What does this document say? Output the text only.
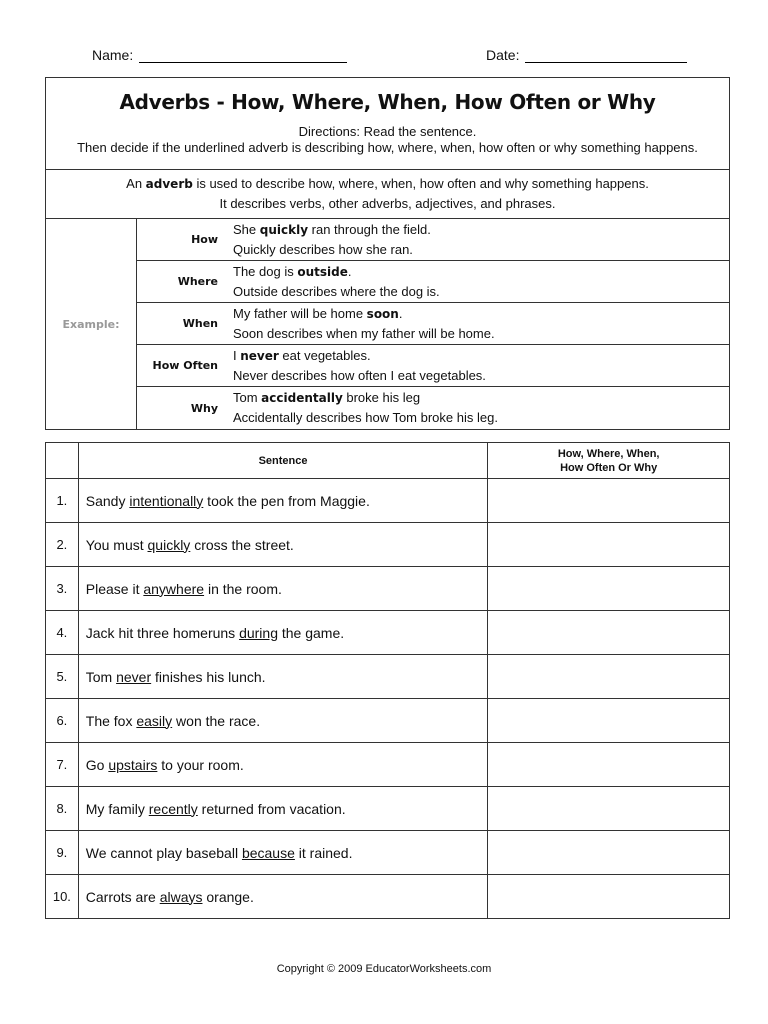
Name:	Date:
Adverbs - How, Where, When, How Often or Why
Directions: Read the sentence.
Then decide if the underlined adverb is describing how, where, when, how often or why something happens.
An adverb is used to describe how, where, when, how often and why something happens.
It describes verbs, other adverbs, adjectives, and phrases.
Example:
How
She quickly ran through the field.
Quickly describes how she ran.
Where
The dog is outside.
Outside describes where the dog is.
When
My father will be home soon.
Soon describes when my father will be home.
How Often
I never eat vegetables.
Never describes how often I eat vegetables.
Why
Tom accidentally broke his leg
Accidentally describes how Tom broke his leg.
	Sentence	How, Where, When,
How Often Or Why

1.	Sandy intentionally took the pen from Maggie.	
2.	You must quickly cross the street.	
3.	Please it anywhere in the room.	
4.	Jack hit three homeruns during the game.	
5.	Tom never finishes his lunch.	
6.	The fox easily won the race.	
7.	Go upstairs to your room.	
8.	My family recently returned from vacation.	
9.	We cannot play baseball because it rained.	
10.	Carrots are always orange.	
Copyright © 2009 EducatorWorksheets.com
